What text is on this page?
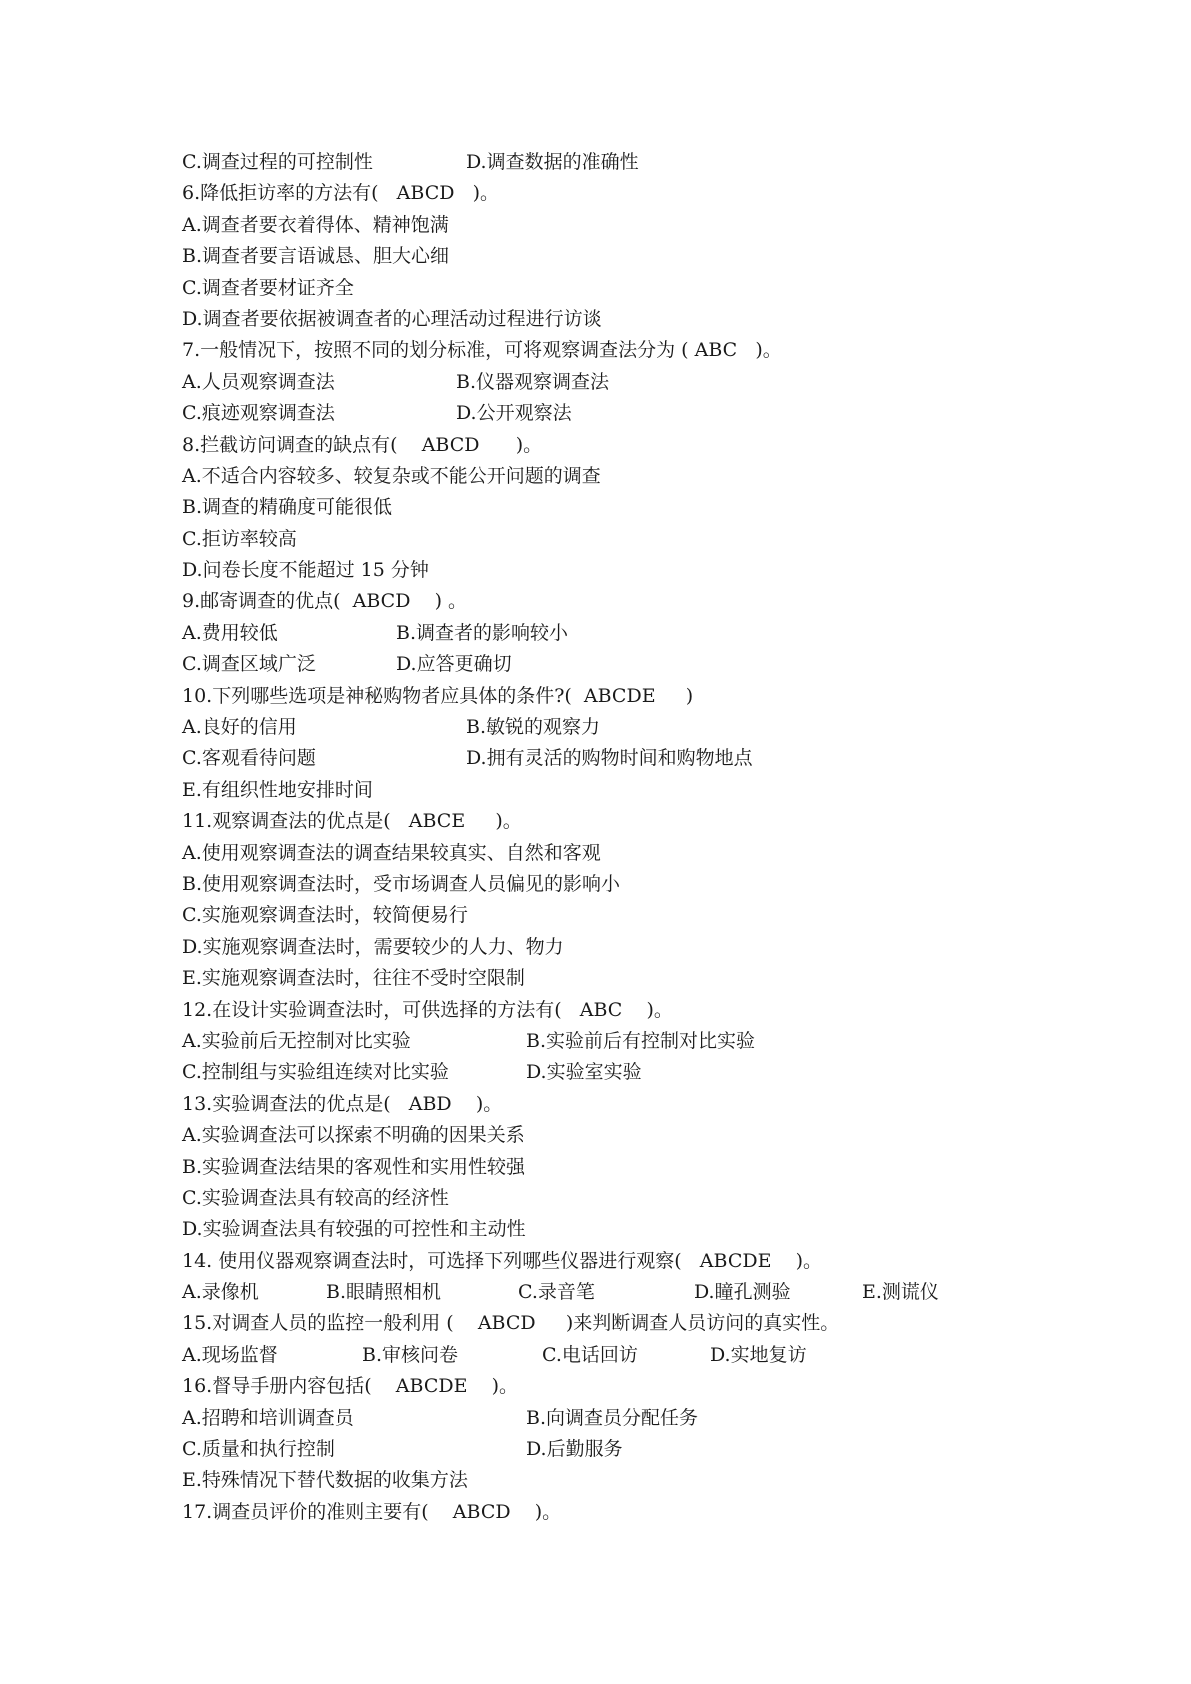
C.调查过程的可控制性	D.调查数据的准确性
6.降低拒访率的方法有(   ABCD   )。
A.调查者要衣着得体、精神饱满
B.调查者要言语诚恳、胆大心细
C.调查者要材证齐全
D.调查者要依据被调查者的心理活动过程进行访谈
7.一般情况下，按照不同的划分标准，可将观察调查法分为 ( ABC   )。
A.人员观察调查法	B.仪器观察调查法
C.痕迹观察调查法	D.公开观察法
8.拦截访问调查的缺点有(    ABCD      )。
A.不适合内容较多、较复杂或不能公开问题的调查
B.调查的精确度可能很低
C.拒访率较高
D.问卷长度不能超过 15 分钟
9.邮寄调查的优点(  ABCD    ) 。
A.费用较低	B.调查者的影响较小
C.调查区域广泛	D.应答更确切
10.下列哪些选项是神秘购物者应具体的条件?(  ABCDE     )
A.良好的信用	B.敏锐的观察力
C.客观看待问题	D.拥有灵活的购物时间和购物地点
E.有组织性地安排时间
11.观察调查法的优点是(   ABCE     )。
A.使用观察调查法的调查结果较真实、自然和客观
B.使用观察调查法时，受市场调查人员偏见的影响小
C.实施观察调查法时，较简便易行
D.实施观察调查法时，需要较少的人力、物力
E.实施观察调查法时，往往不受时空限制
12.在设计实验调查法时，可供选择的方法有(   ABC    )。
A.实验前后无控制对比实验	B.实验前后有控制对比实验
C.控制组与实验组连续对比实验	D.实验室实验
13.实验调查法的优点是(   ABD    )。
A.实验调查法可以探索不明确的因果关系
B.实验调查法结果的客观性和实用性较强
C.实验调查法具有较高的经济性
D.实验调查法具有较强的可控性和主动性
14. 使用仪器观察调查法时，可选择下列哪些仪器进行观察(   ABCDE    )。
A.录像机	B.眼睛照相机	C.录音笔	D.瞳孔测验	E.测谎仪
15.对调查人员的监控一般利用 (    ABCD     )来判断调查人员访问的真实性。
A.现场监督	B.审核问卷	C.电话回访	D.实地复访
16.督导手册内容包括(    ABCDE    )。
A.招聘和培训调查员	B.向调查员分配任务
C.质量和执行控制	D.后勤服务
E.特殊情况下替代数据的收集方法
17.调查员评价的准则主要有(    ABCD    )。
